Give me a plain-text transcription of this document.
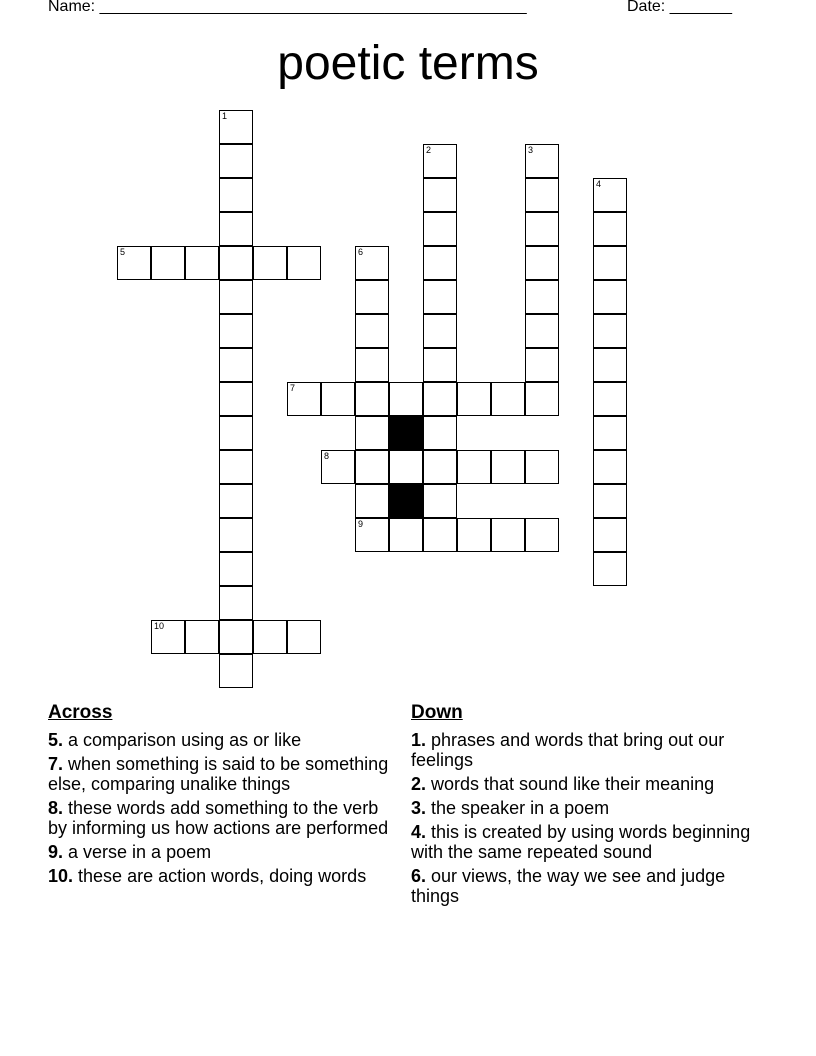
Name: ________________________________________________	Date: _______
poetic terms
1
2	3
4
5	6
9
7
8
10
Across
5. a comparison using as or like
7. when something is said to be something else, comparing unalike things
8. these words add something to the verb by informing us how actions are performed
9. a verse in a poem
10. these are action words, doing words
Down
1. phrases and words that bring out our feelings
2. words that sound like their meaning
3. the speaker in a poem
4. this is created by using words beginning with the same repeated sound
6. our views, the way we see and judge things
